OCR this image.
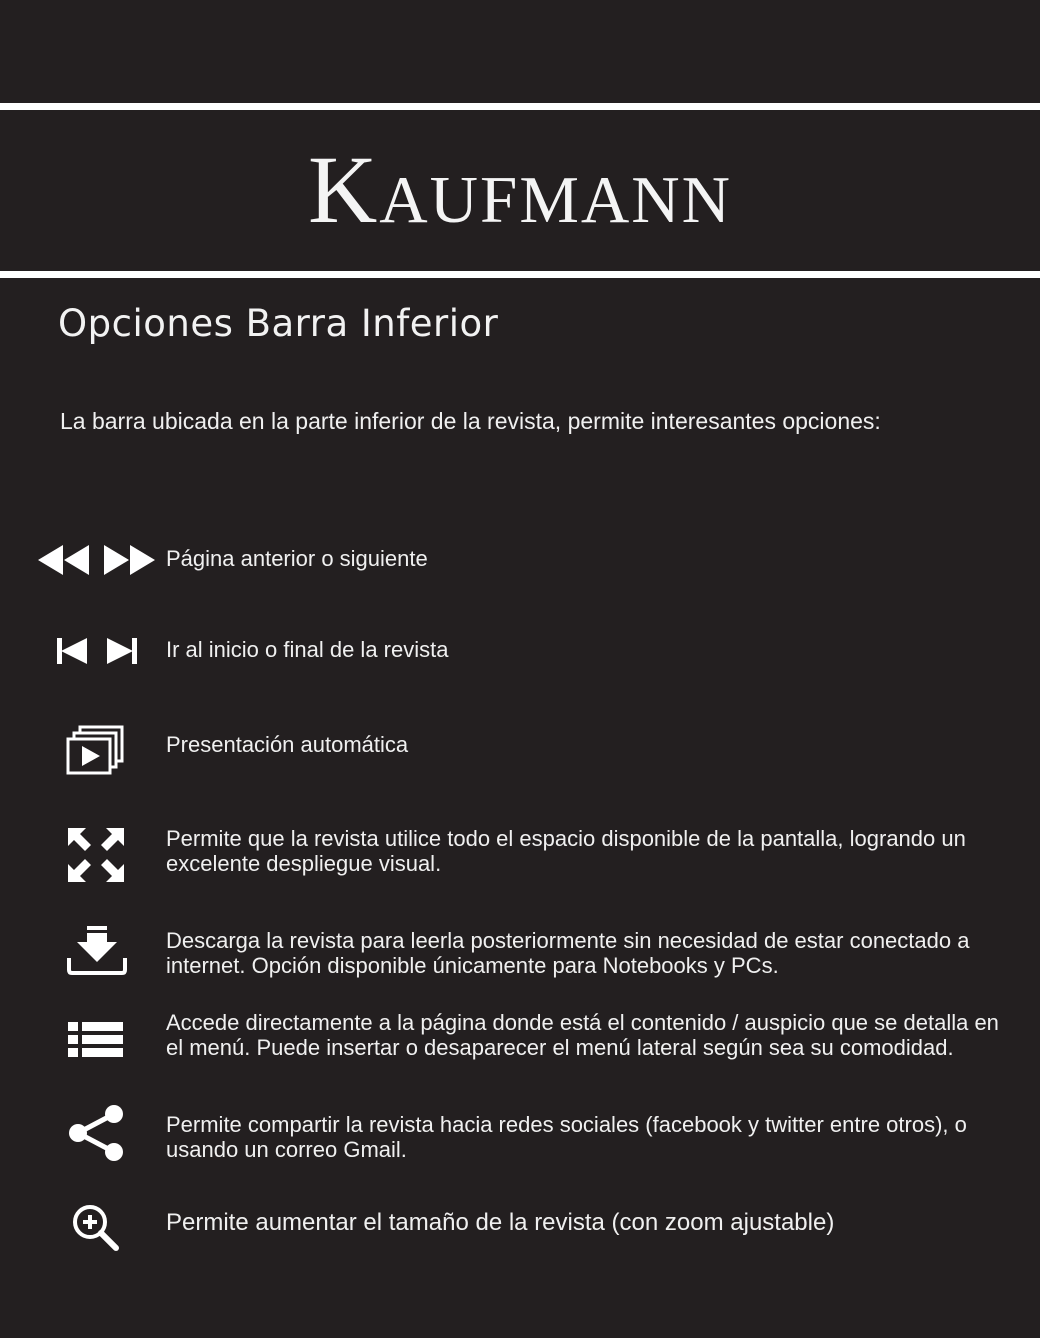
Kaufmann
Opciones Barra Inferior

La barra ubicada en la parte inferior de la revista, permite interesantes opciones:

Página anterior o siguiente
Ir al inicio o final de la revista
Presentación automática
Permite que la revista utilice todo el espacio disponible de la pantalla, logrando un excelente despliegue visual.
Descarga la revista para leerla posteriormente sin necesidad de estar conectado a internet. Opción disponible únicamente para Notebooks y PCs.
Accede directamente a la página donde está el contenido / auspicio que se detalla en el menú. Puede insertar o desaparecer el menú lateral según sea su comodidad.
Permite compartir la revista hacia redes sociales (facebook y twitter entre otros), o usando un correo Gmail.
Permite aumentar el tamaño de la revista (con zoom ajustable)
